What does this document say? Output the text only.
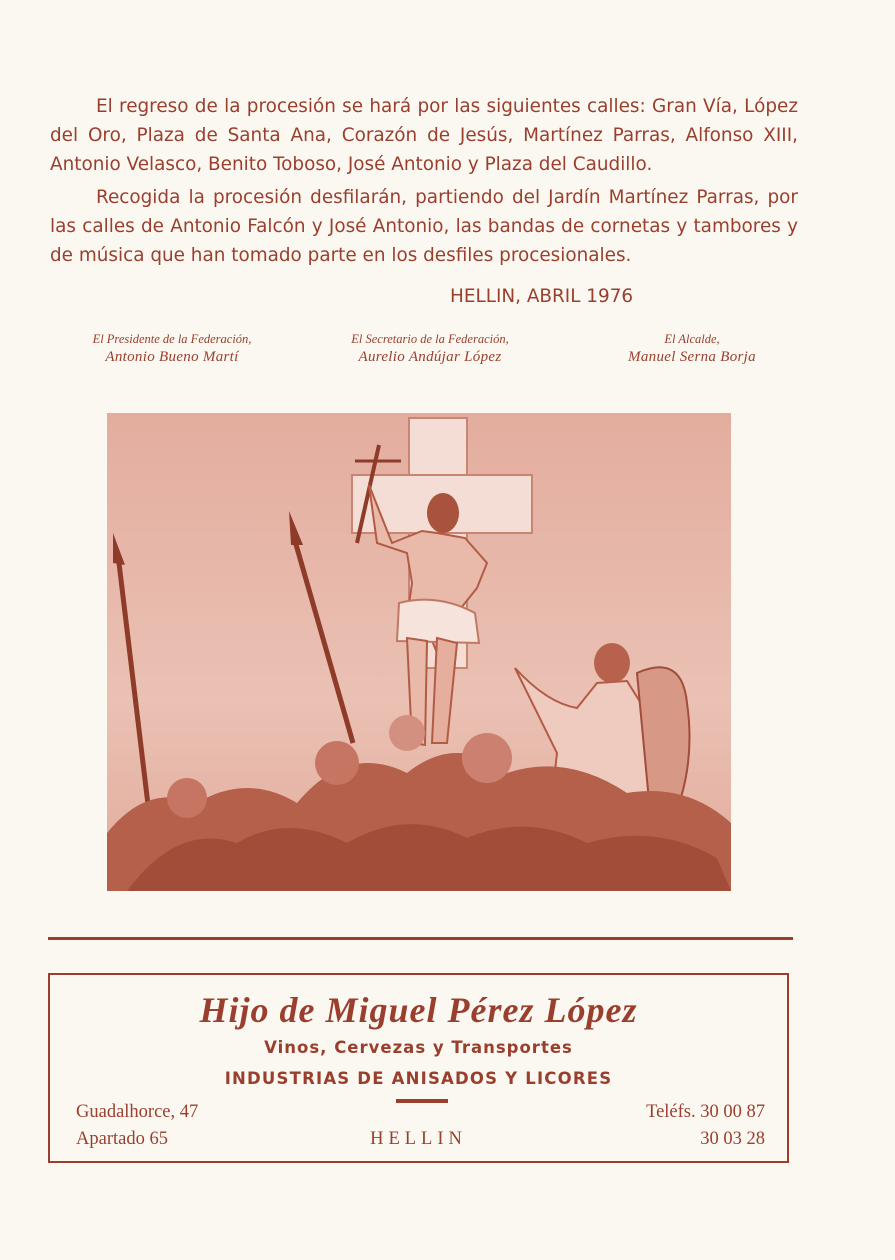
El regreso de la procesión se hará por las siguientes calles: Gran Vía, López del Oro, Plaza de Santa Ana, Corazón de Jesús, Martínez Parras, Alfonso XIII, Antonio Velasco, Benito Toboso, José Antonio y Plaza del Caudillo.
Recogida la procesión desfilarán, partiendo del Jardín Martínez Parras, por las calles de Antonio Falcón y José Antonio, las bandas de cornetas y tambores y de música que han tomado parte en los desfiles procesionales.
HELLIN, ABRIL 1976
El Presidente de la Federación,
Antonio Bueno Martí
El Secretario de la Federación,
Aurelio Andújar López
El Alcalde,
Manuel Serna Borja
Hijo de Miguel Pérez López
Vinos, Cervezas y Transportes
INDUSTRIAS DE ANISADOS Y LICORES
Guadalhorce, 47
Apartado 65	HELLIN
Teléfs. 30 00 87
30 03 28
